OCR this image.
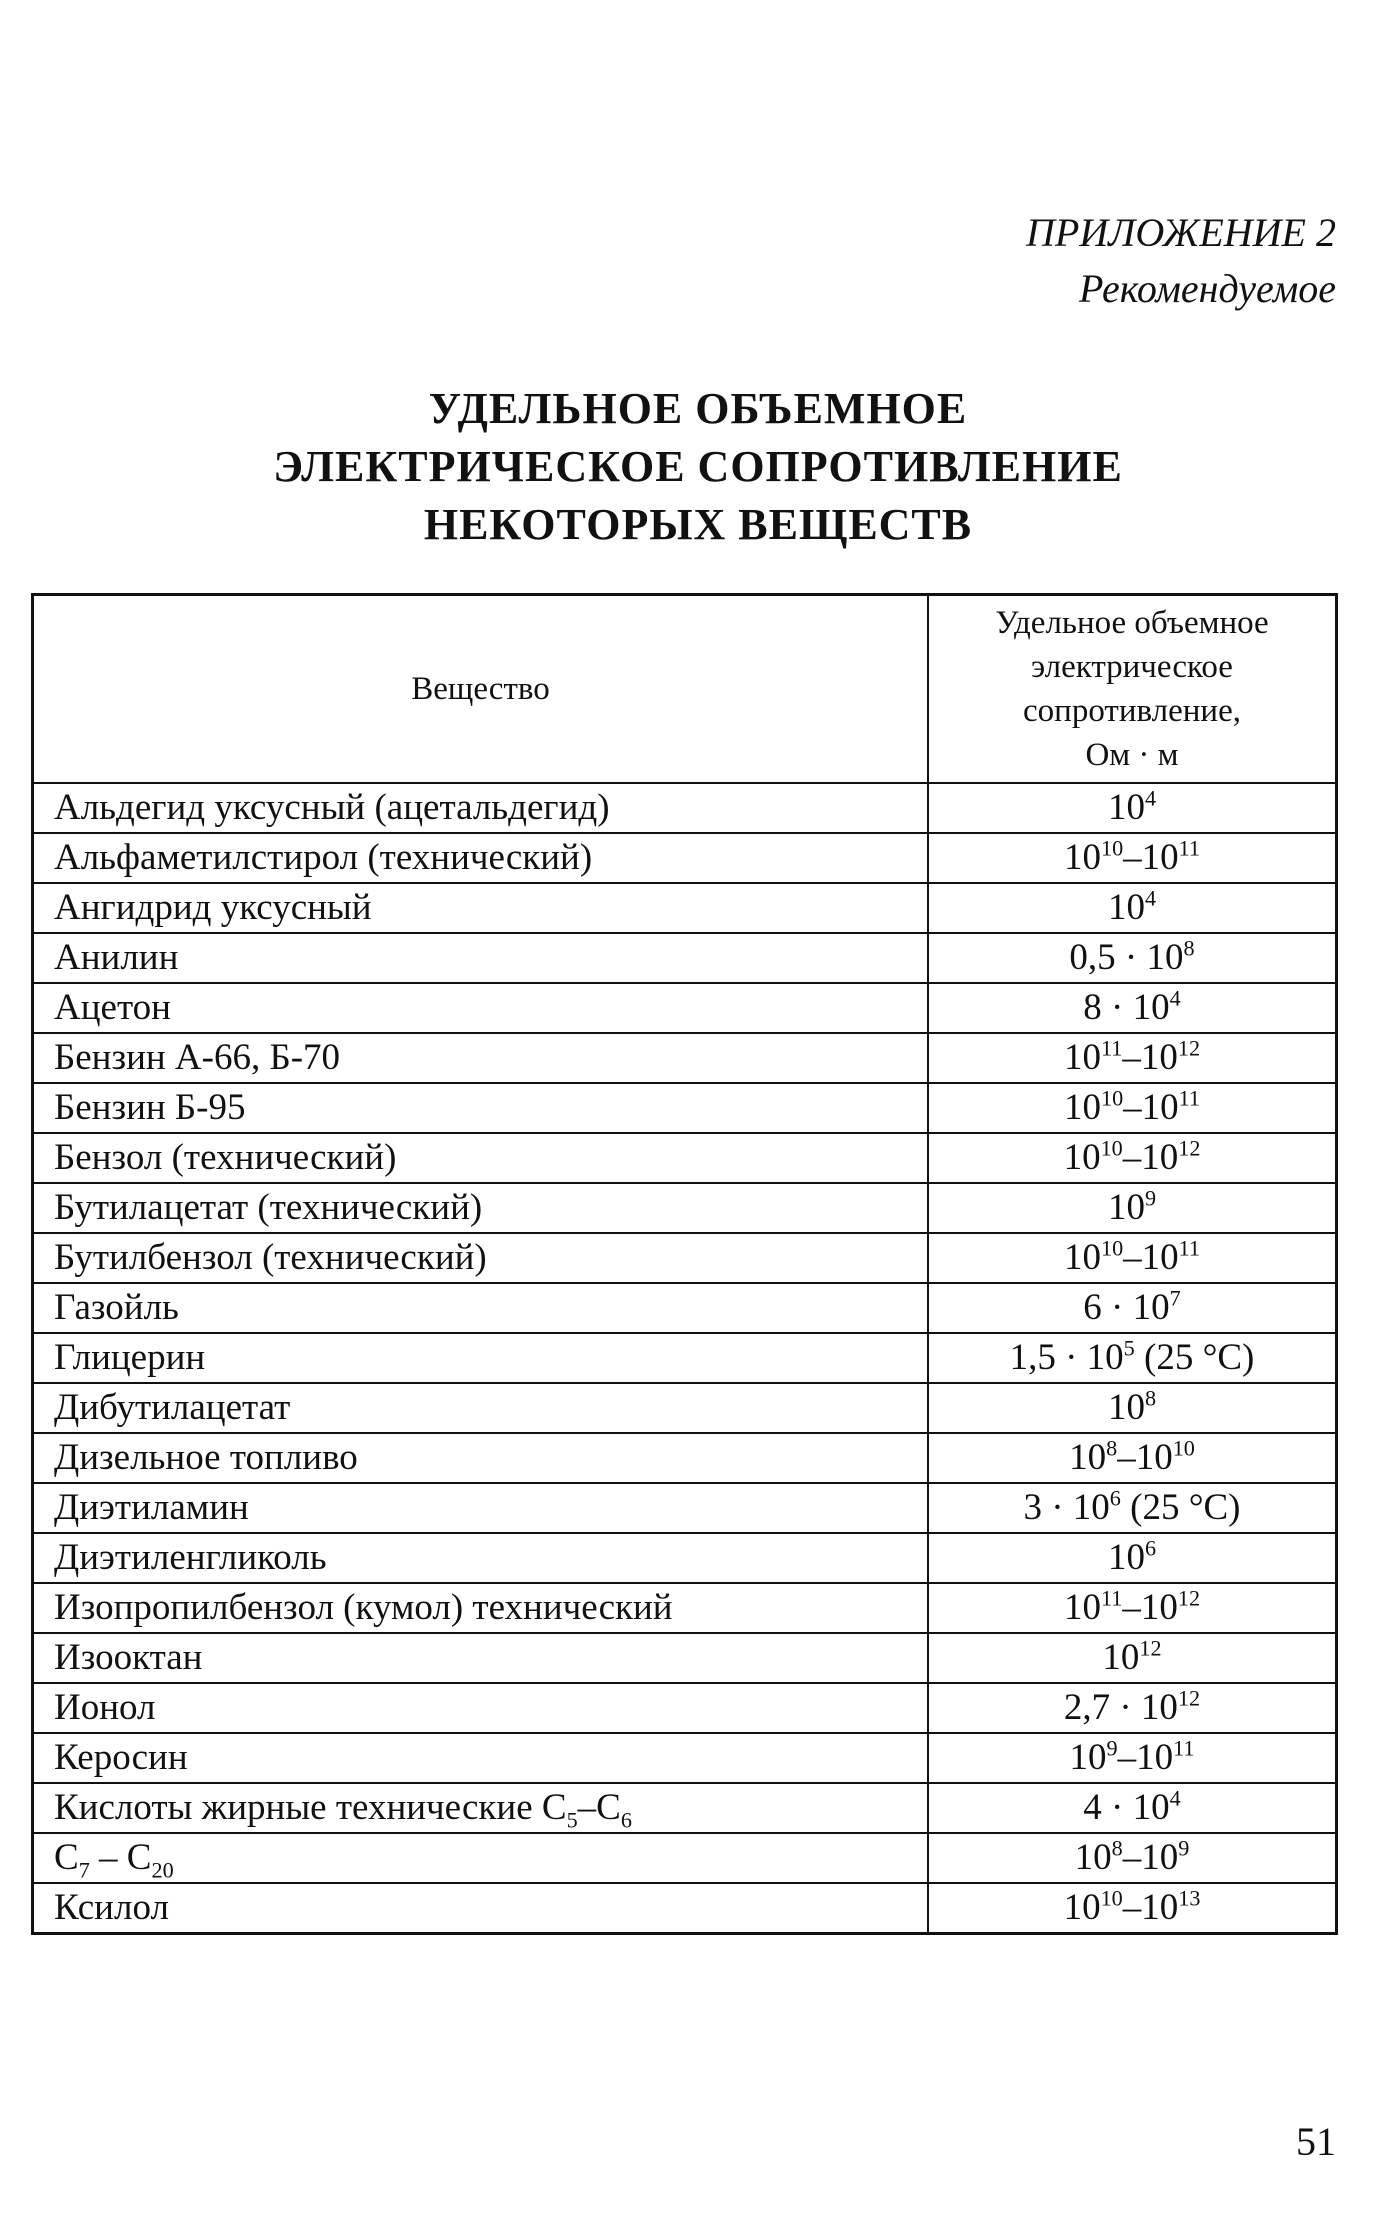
ПРИЛОЖЕНИЕ 2
Рекомендуемое
УДЕЛЬНОЕ ОБЪЕМНОЕ
ЭЛЕКТРИЧЕСКОЕ СОПРОТИВЛЕНИЕ
НЕКОТОРЫХ ВЕЩЕСТВ
Вещество	Удельное объемное
электрическое
сопротивление,
Ом · м

Альдегид уксусный (ацетальдегид)	$10^4$
Альфаметилстирол (технический)	$10^{10}-10^{11}$
Ангидрид уксусный	$10^4$
Анилин	$0,5 \cdot 10^8$
Ацетон	$8 \cdot 10^4$
Бензин А-66, Б-70	$10^{11}-10^{12}$
Бензин Б-95	$10^{10}-10^{11}$
Бензол (технический)	$10^{10}-10^{12}$
Бутилацетат (технический)	$10^9$
Бутилбензол (технический)	$10^{10}-10^{11}$
Газойль	$6 \cdot 10^7$
Глицерин	$1,5 \cdot 10^5$ (25 °С)
Дибутилацетат	$10^8$
Дизельное топливо	$10^8-10^{10}$
Диэтиламин	$3 \cdot 10^6$ (25 °С)
Диэтиленгликоль	$10^6$
Изопропилбензол (кумол) технический	$10^{11}-10^{12}$
Изооктан	$10^{12}$
Ионол	$2,7 \cdot 10^{12}$
Керосин	$10^9-10^{11}$
Кислоты жирные технические $C_5-C_6$	$4 \cdot 10^4$
$C_7 - C_{20}$	$10^8-10^9$
Ксилол	$10^{10}-10^{13}$
51
